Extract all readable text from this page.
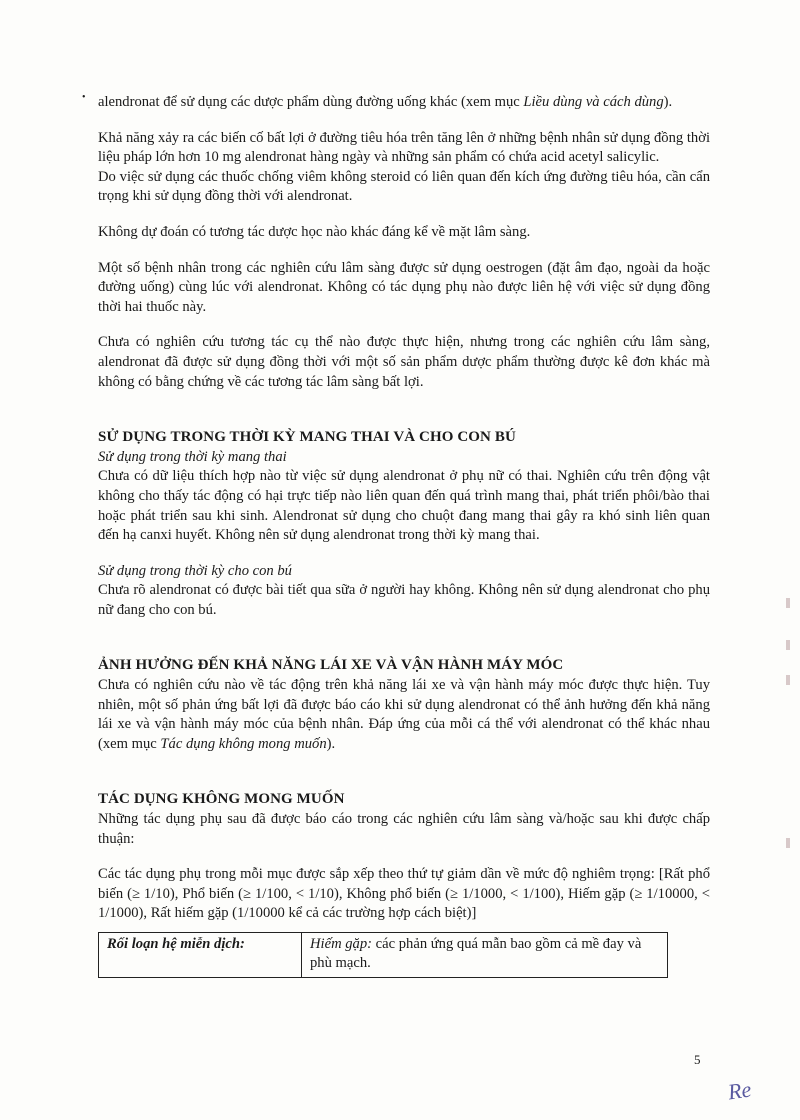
• alendronat để sử dụng các dược phẩm dùng đường uống khác (xem mục Liều dùng và cách dùng).

Khả năng xảy ra các biến cố bất lợi ở đường tiêu hóa trên tăng lên ở những bệnh nhân sử dụng đồng thời liệu pháp lớn hơn 10 mg alendronat hàng ngày và những sản phẩm có chứa acid acetyl salicylic.

Do việc sử dụng các thuốc chống viêm không steroid có liên quan đến kích ứng đường tiêu hóa, cần cẩn trọng khi sử dụng đồng thời với alendronat.

Không dự đoán có tương tác dược học nào khác đáng kể về mặt lâm sàng.

Một số bệnh nhân trong các nghiên cứu lâm sàng được sử dụng oestrogen (đặt âm đạo, ngoài da hoặc đường uống) cùng lúc với alendronat. Không có tác dụng phụ nào được liên hệ với việc sử dụng đồng thời hai thuốc này.

Chưa có nghiên cứu tương tác cụ thể nào được thực hiện, nhưng trong các nghiên cứu lâm sàng, alendronat đã được sử dụng đồng thời với một số sản phẩm dược phẩm thường được kê đơn khác mà không có bằng chứng về các tương tác lâm sàng bất lợi.

SỬ DỤNG TRONG THỜI KỲ MANG THAI VÀ CHO CON BÚ

Sử dụng trong thời kỳ mang thai

Chưa có dữ liệu thích hợp nào từ việc sử dụng alendronat ở phụ nữ có thai. Nghiên cứu trên động vật không cho thấy tác động có hại trực tiếp nào liên quan đến quá trình mang thai, phát triển phôi/bào thai hoặc phát triển sau khi sinh. Alendronat sử dụng cho chuột đang mang thai gây ra khó sinh liên quan đến hạ canxi huyết. Không nên sử dụng alendronat trong thời kỳ mang thai.

Sử dụng trong thời kỳ cho con bú

Chưa rõ alendronat có được bài tiết qua sữa ở người hay không. Không nên sử dụng alendronat cho phụ nữ đang cho con bú.

ẢNH HƯỞNG ĐẾN KHẢ NĂNG LÁI XE VÀ VẬN HÀNH MÁY MÓC

Chưa có nghiên cứu nào về tác động trên khả năng lái xe và vận hành máy móc được thực hiện. Tuy nhiên, một số phản ứng bất lợi đã được báo cáo khi sử dụng alendronat có thể ảnh hưởng đến khả năng lái xe và vận hành máy móc của bệnh nhân. Đáp ứng của mỗi cá thể với alendronat có thể khác nhau (xem mục Tác dụng không mong muốn).

TÁC DỤNG KHÔNG MONG MUỐN

Những tác dụng phụ sau đã được báo cáo trong các nghiên cứu lâm sàng và/hoặc sau khi được chấp thuận:

Các tác dụng phụ trong mỗi mục được sắp xếp theo thứ tự giảm dần về mức độ nghiêm trọng: [Rất phổ biến (≥ 1/10), Phổ biến (≥ 1/100, < 1/10), Không phổ biến (≥ 1/1000, < 1/100), Hiếm gặp (≥ 1/10000, < 1/1000), Rất hiếm gặp (1/10000 kể cả các trường hợp cách biệt)]

Rối loạn hệ miễn dịch:	Hiếm gặp: các phản ứng quá mẫn bao gồm cả mề đay và phù mạch.
5
Re
